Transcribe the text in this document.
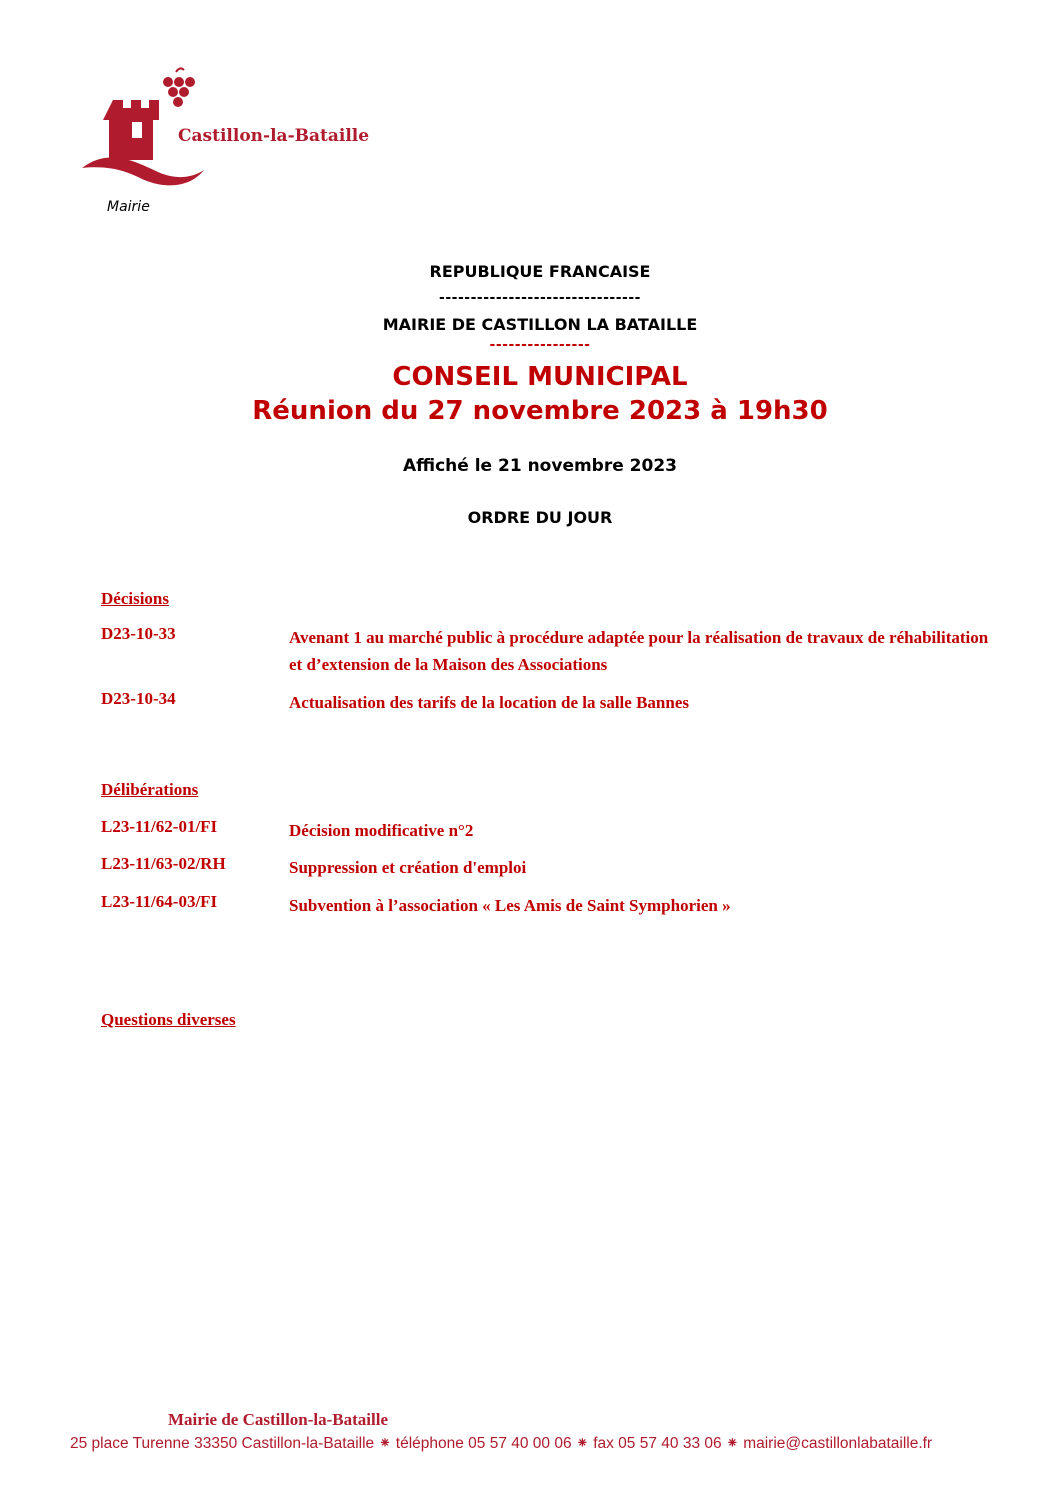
Castillon-la-Bataille
Mairie
REPUBLIQUE FRANCAISE
--------------------------------
MAIRIE DE CASTILLON LA BATAILLE
----------------
CONSEIL MUNICIPAL
Réunion du 27 novembre 2023 à 19h30
Affiché le 21 novembre 2023
ORDRE DU JOUR
Décisions
D23-10-33	Avenant 1 au marché public à procédure adaptée pour la réalisation de travaux de réhabilitation et d’extension de la Maison des Associations
D23-10-34	Actualisation des tarifs de la location de la salle Bannes
Délibérations
L23-11/62-01/FI	Décision modificative n°2
L23-11/63-02/RH	Suppression et création d'emploi
L23-11/64-03/FI	Subvention à l’association « Les Amis de Saint Symphorien »
Questions diverses
Mairie de Castillon-la-Bataille
25 place Turenne 33350 Castillon-la-Bataille ⁕ téléphone 05 57 40 00 06 ⁕ fax 05 57 40 33 06 ⁕ mairie@castillonlabataille.fr
